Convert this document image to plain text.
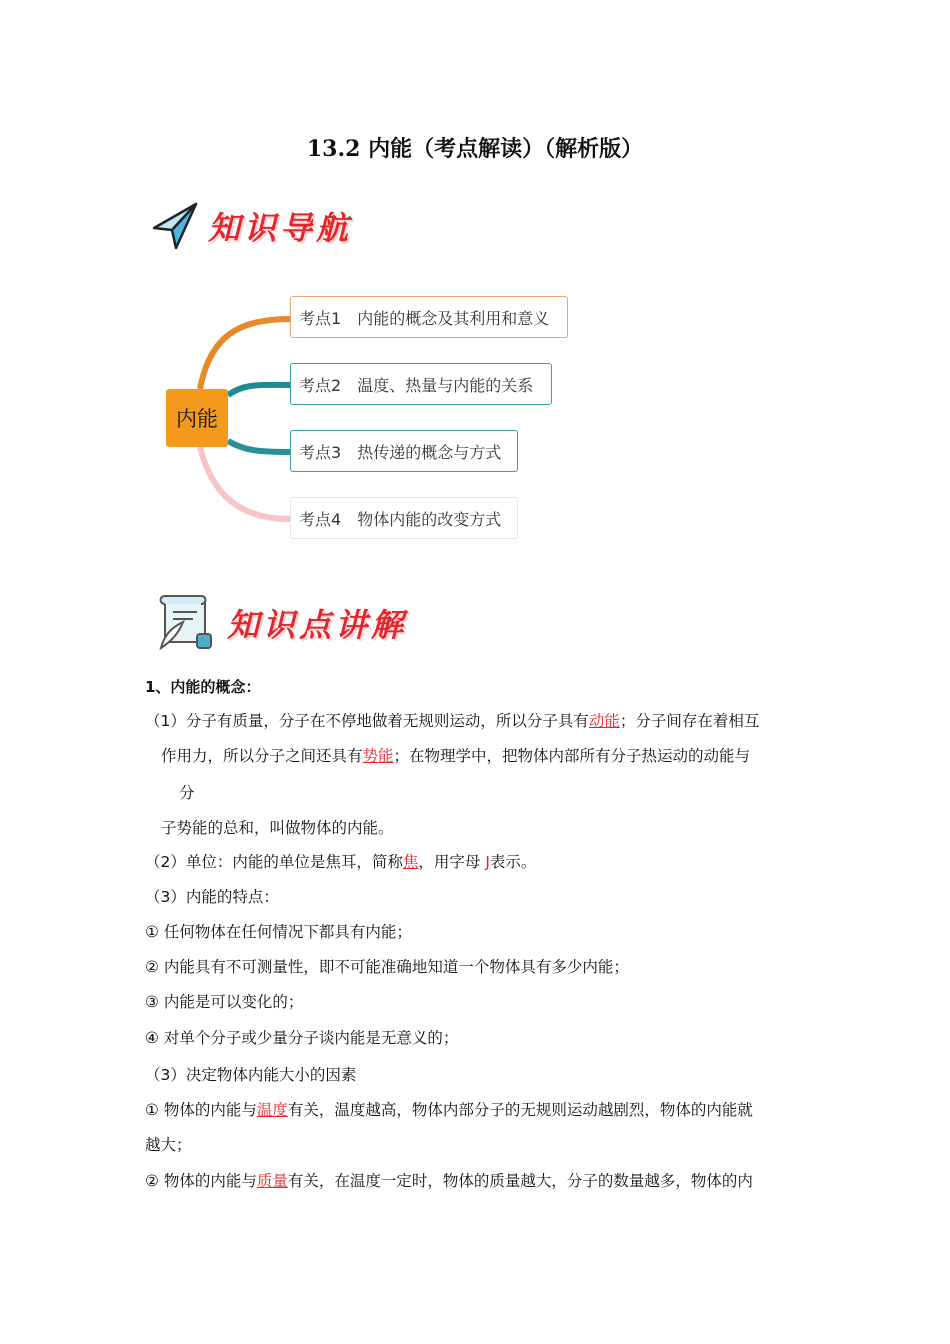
13.2 内能（考点解读）（解析版）
知识导航
内能
考点1 内能的概念及其利用和意义
考点2 温度、热量与内能的关系
考点3 热传递的概念与方式
考点4 物体内能的改变方式
知识点讲解
1、内能的概念：
（1）分子有质量，分子在不停地做着无规则运动，所以分子具有动能；分子间存在着相互
作用力，所以分子之间还具有势能；在物理学中，把物体内部所有分子热运动的动能与
分
子势能的总和，叫做物体的内能。
（2）单位：内能的单位是焦耳，简称焦，用字母 J表示。
（3）内能的特点：
① 任何物体在任何情况下都具有内能；
② 内能具有不可测量性，即不可能准确地知道一个物体具有多少内能；
③ 内能是可以变化的；
④ 对单个分子或少量分子谈内能是无意义的；
（3）决定物体内能大小的因素
① 物体的内能与温度有关，温度越高，物体内部分子的无规则运动越剧烈，物体的内能就
越大；
② 物体的内能与质量有关，在温度一定时，物体的质量越大，分子的数量越多，物体的内
